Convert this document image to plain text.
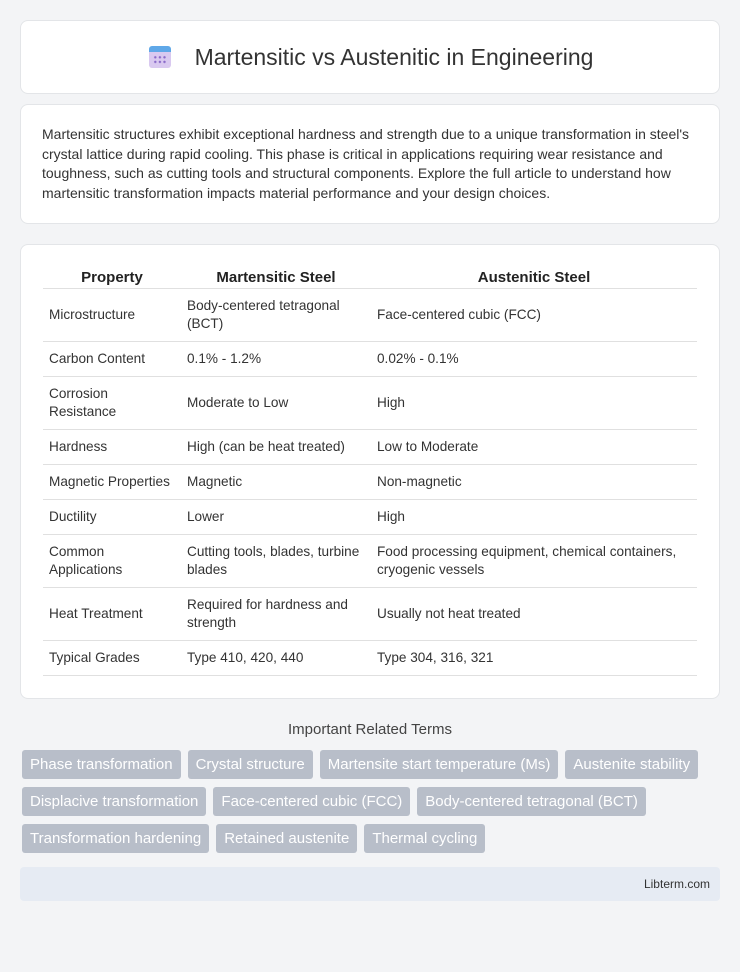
Martensitic vs Austenitic in Engineering
Martensitic structures exhibit exceptional hardness and strength due to a unique transformation in steel's crystal lattice during rapid cooling. This phase is critical in applications requiring wear resistance and toughness, such as cutting tools and structural components. Explore the full article to understand how martensitic transformation impacts material performance and your design choices.
Property	Martensitic Steel	Austenitic Steel
Microstructure	Body-centered tetragonal (BCT)	Face-centered cubic (FCC)
Carbon Content	0.1% - 1.2%	0.02% - 0.1%
Corrosion Resistance	Moderate to Low	High
Hardness	High (can be heat treated)	Low to Moderate
Magnetic Properties	Magnetic	Non-magnetic
Ductility	Lower	High
Common Applications	Cutting tools, blades, turbine blades	Food processing equipment, chemical containers, cryogenic vessels
Heat Treatment	Required for hardness and strength	Usually not heat treated
Typical Grades	Type 410, 420, 440	Type 304, 316, 321
Important Related Terms
Phase transformation	Crystal structure	Martensite start temperature (Ms)	Austenite stability
Displacive transformation	Face-centered cubic (FCC)	Body-centered tetragonal (BCT)
Transformation hardening	Retained austenite	Thermal cycling
Libterm.com
